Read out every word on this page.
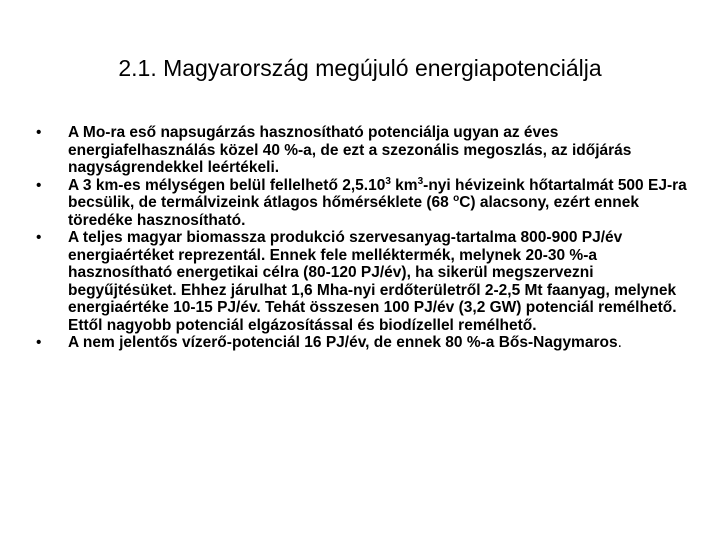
2.1. Magyarország megújuló energiapotenciálja
•	A Mo-ra eső napsugárzás hasznosítható potenciálja ugyan az éves energiafelhasználás közel 40 %-a, de ezt a szezonális megoszlás, az időjárás nagyságrendekkel leértékeli.
•	A 3 km-es mélységen belül fellelhető 2,5.10$^3$ $km^3$-nyi hévizeink hőtartalmát 500 EJ-ra becsülik, de termálvizeink átlagos hőmérséklete (68 $^o$C) alacsony, ezért ennek töredéke hasznosítható.
•	A teljes magyar biomassza produkció szervesanyag-tartalma 800-900 PJ/év energiaértéket reprezentál. Ennek fele melléktermék, melynek 20-30 %-a hasznosítható energetikai célra (80-120 PJ/év), ha sikerül megszervezni begyűjtésüket. Ehhez járulhat 1,6 Mha-nyi erdőterületről 2-2,5 Mt faanyag, melynek energiaértéke 10-15 PJ/év. Tehát összesen 100 PJ/év (3,2 GW) potenciál remélhető. Ettől nagyobb potenciál elgázosítással és biodízellel remélhető.
•	A nem jelentős vízerő-potenciál 16 PJ/év, de ennek 80 %-a Bős-Nagymaros.
